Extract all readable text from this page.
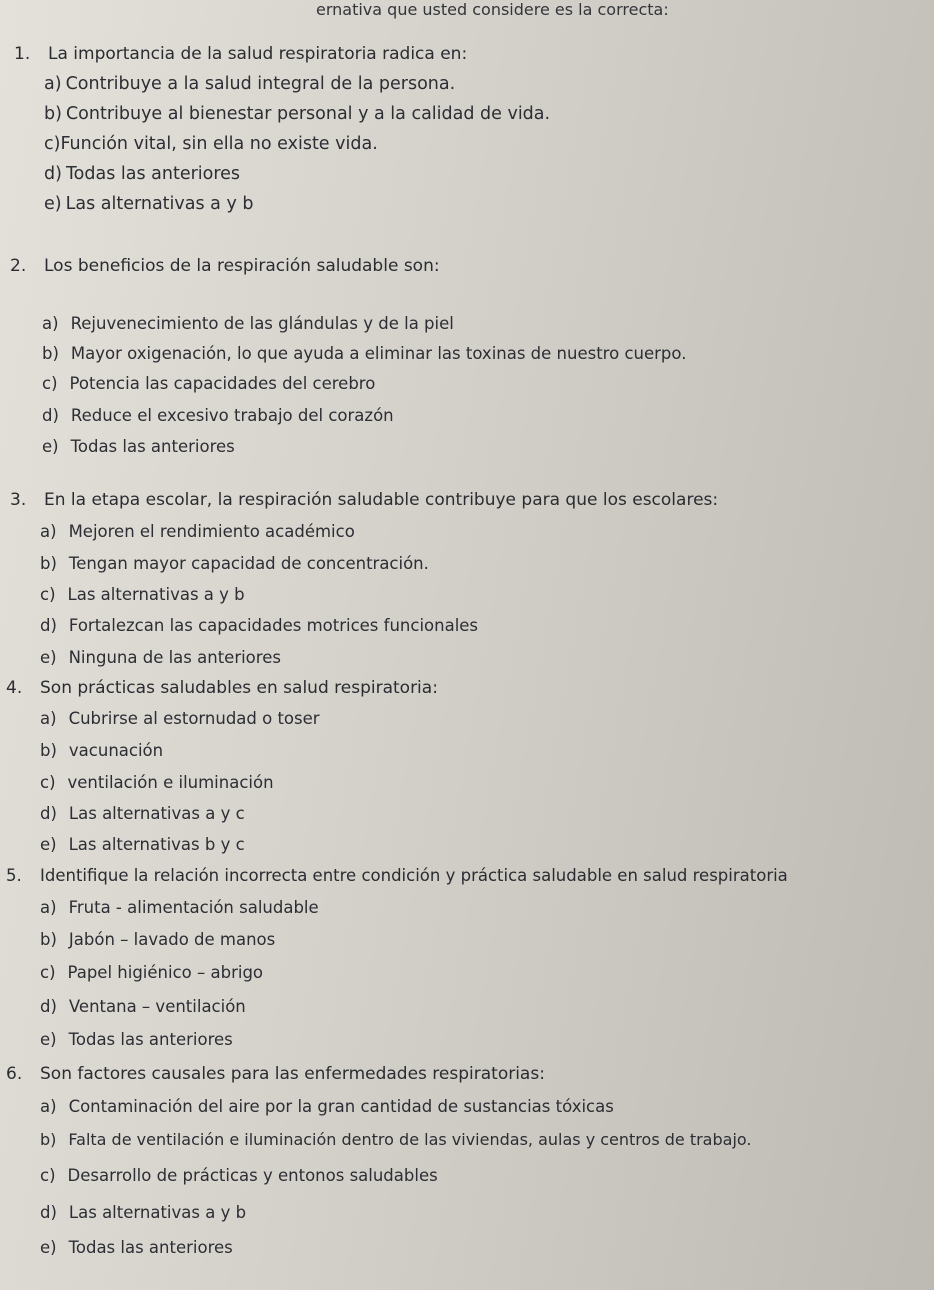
ernativa que usted considere es la correcta:
1. La importancia de la salud respiratoria radica en:
a) Contribuye a la salud integral de la persona.
b) Contribuye al bienestar personal y a la calidad de vida.
c)Función vital, sin ella no existe vida.
d) Todas las anteriores
e) Las alternativas a y b
2. Los beneficios de la respiración saludable son:
a) Rejuvenecimiento de las glándulas y de la piel
b) Mayor oxigenación, lo que ayuda a eliminar las toxinas de nuestro cuerpo.
c) Potencia las capacidades del cerebro
d) Reduce el excesivo trabajo del corazón
e) Todas las anteriores
3. En la etapa escolar, la respiración saludable contribuye para que los escolares:
a) Mejoren el rendimiento académico
b) Tengan mayor capacidad de concentración.
c) Las alternativas a y b
d) Fortalezcan las capacidades motrices funcionales
e) Ninguna de las anteriores
4. Son prácticas saludables en salud respiratoria:
a) Cubrirse al estornudad o toser
b) vacunación
c) ventilación e iluminación
d) Las alternativas a y c
e) Las alternativas b y c
5. Identifique la relación incorrecta entre condición y práctica saludable en salud respiratoria
a) Fruta - alimentación saludable
b) Jabón – lavado de manos
c) Papel higiénico – abrigo
d) Ventana – ventilación
e) Todas las anteriores
6. Son factores causales para las enfermedades respiratorias:
a) Contaminación del aire por la gran cantidad de sustancias tóxicas
b) Falta de ventilación e iluminación dentro de las viviendas, aulas y centros de trabajo.
c) Desarrollo de prácticas y entonos saludables
d) Las alternativas a y b
e) Todas las anteriores
